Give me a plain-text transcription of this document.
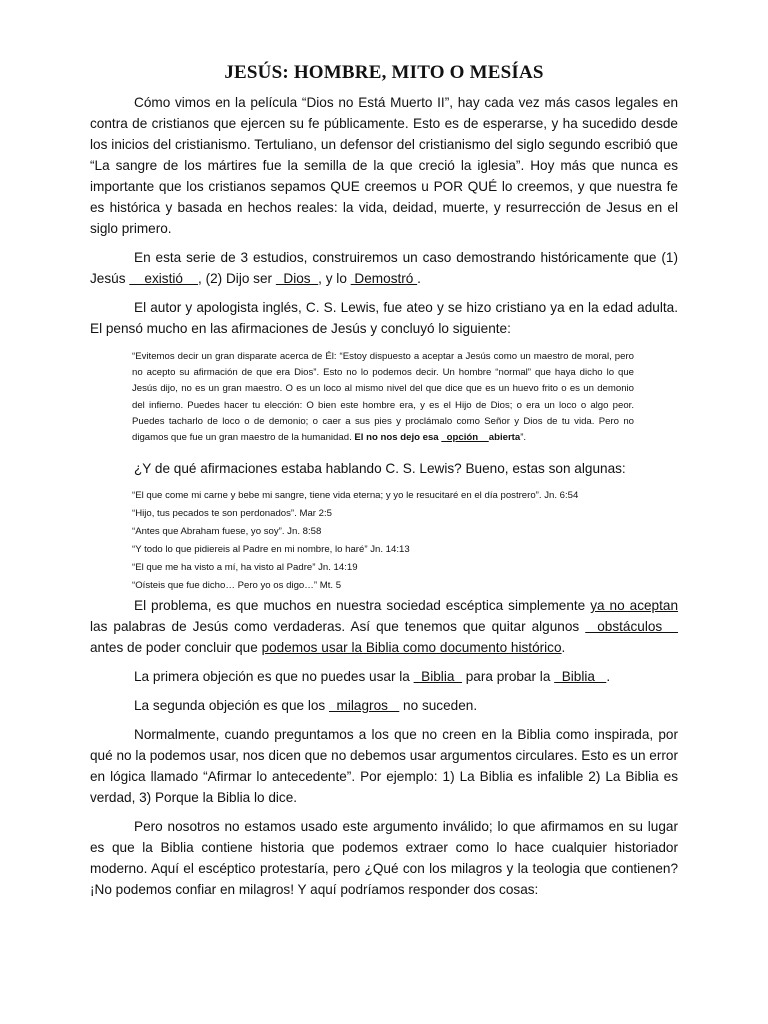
JESÚS: HOMBRE, MITO O MESÍAS

Cómo vimos en la película “Dios no Está Muerto II”, hay cada vez más casos legales en contra de cristianos que ejercen su fe públicamente. Esto es de esperarse, y ha sucedido desde los inicios del cristianismo. Tertuliano, un defensor del cristianismo del siglo segundo escribió que “La sangre de los mártires fue la semilla de la que creció la iglesia”. Hoy más que nunca es importante que los cristianos sepamos QUE creemos u POR QUÉ lo creemos, y que nuestra fe es histórica y basada en hechos reales: la vida, deidad, muerte, y resurrección de Jesus en el siglo primero.

En esta serie de 3 estudios, construiremos un caso demostrando históricamente que (1) Jesús     existió    , (2) Dijo ser   Dios  , y lo  Demostró .

El autor y apologista inglés, C. S. Lewis, fue ateo y se hizo cristiano ya en la edad adulta. El pensó mucho en las afirmaciones de Jesús y concluyó lo siguiente:

“Evitemos decir un gran disparate acerca de Él: “Estoy dispuesto a aceptar a Jesús como un maestro de moral, pero no acepto su afirmación de que era Dios”. Esto no lo podemos decir. Un hombre “normal” que haya dicho lo que Jesús dijo, no es un gran maestro. O es un loco al mismo nivel del que dice que es un huevo frito o es un demonio del infierno. Puedes hacer tu elección: O bien este hombre era, y es el Hijo de Dios; o era un loco o algo peor. Puedes tacharlo de loco o de demonio; o caer a sus pies y proclámalo como Señor y Dios de tu vida. Pero no digamos que fue un gran maestro de la humanidad. El no nos dejo esa   opción    abierta”.

¿Y de qué afirmaciones estaba hablando C. S. Lewis? Bueno, estas son algunas:

“El que come mi carne y bebe mi sangre, tiene vida eterna; y yo le resucitaré en el día postrero”. Jn. 6:54
“Hijo, tus pecados te son perdonados”. Mar 2:5
“Antes que Abraham fuese, yo soy”. Jn. 8:58
“Y todo lo que pidiereis al Padre en mi nombre, lo haré” Jn. 14:13
“El que me ha visto a mí, ha visto al Padre” Jn. 14:19
“Oísteis que fue dicho… Pero yo os digo…” Mt. 5

El problema, es que muchos en nuestra sociedad escéptica simplemente ya no aceptan las palabras de Jesús como verdaderas. Así que tenemos que quitar algunos   obstáculos    antes de poder concluir que podemos usar la Biblia como documento histórico.

La primera objeción es que no puedes usar la   Biblia   para probar la   Biblia   .

La segunda objeción es que los   milagros    no suceden.

Normalmente, cuando preguntamos a los que no creen en la Biblia como inspirada, por qué no la podemos usar, nos dicen que no debemos usar argumentos circulares. Esto es un error en lógica llamado “Afirmar lo antecedente”. Por ejemplo: 1) La Biblia es infalible 2) La Biblia es verdad, 3) Porque la Biblia lo dice.

Pero nosotros no estamos usado este argumento inválido; lo que afirmamos en su lugar es que la Biblia contiene historia que podemos extraer como lo hace cualquier historiador moderno. Aquí el escéptico protestaría, pero ¿Qué con los milagros y la teologia que contienen? ¡No podemos confiar en milagros! Y aquí podríamos responder dos cosas:
